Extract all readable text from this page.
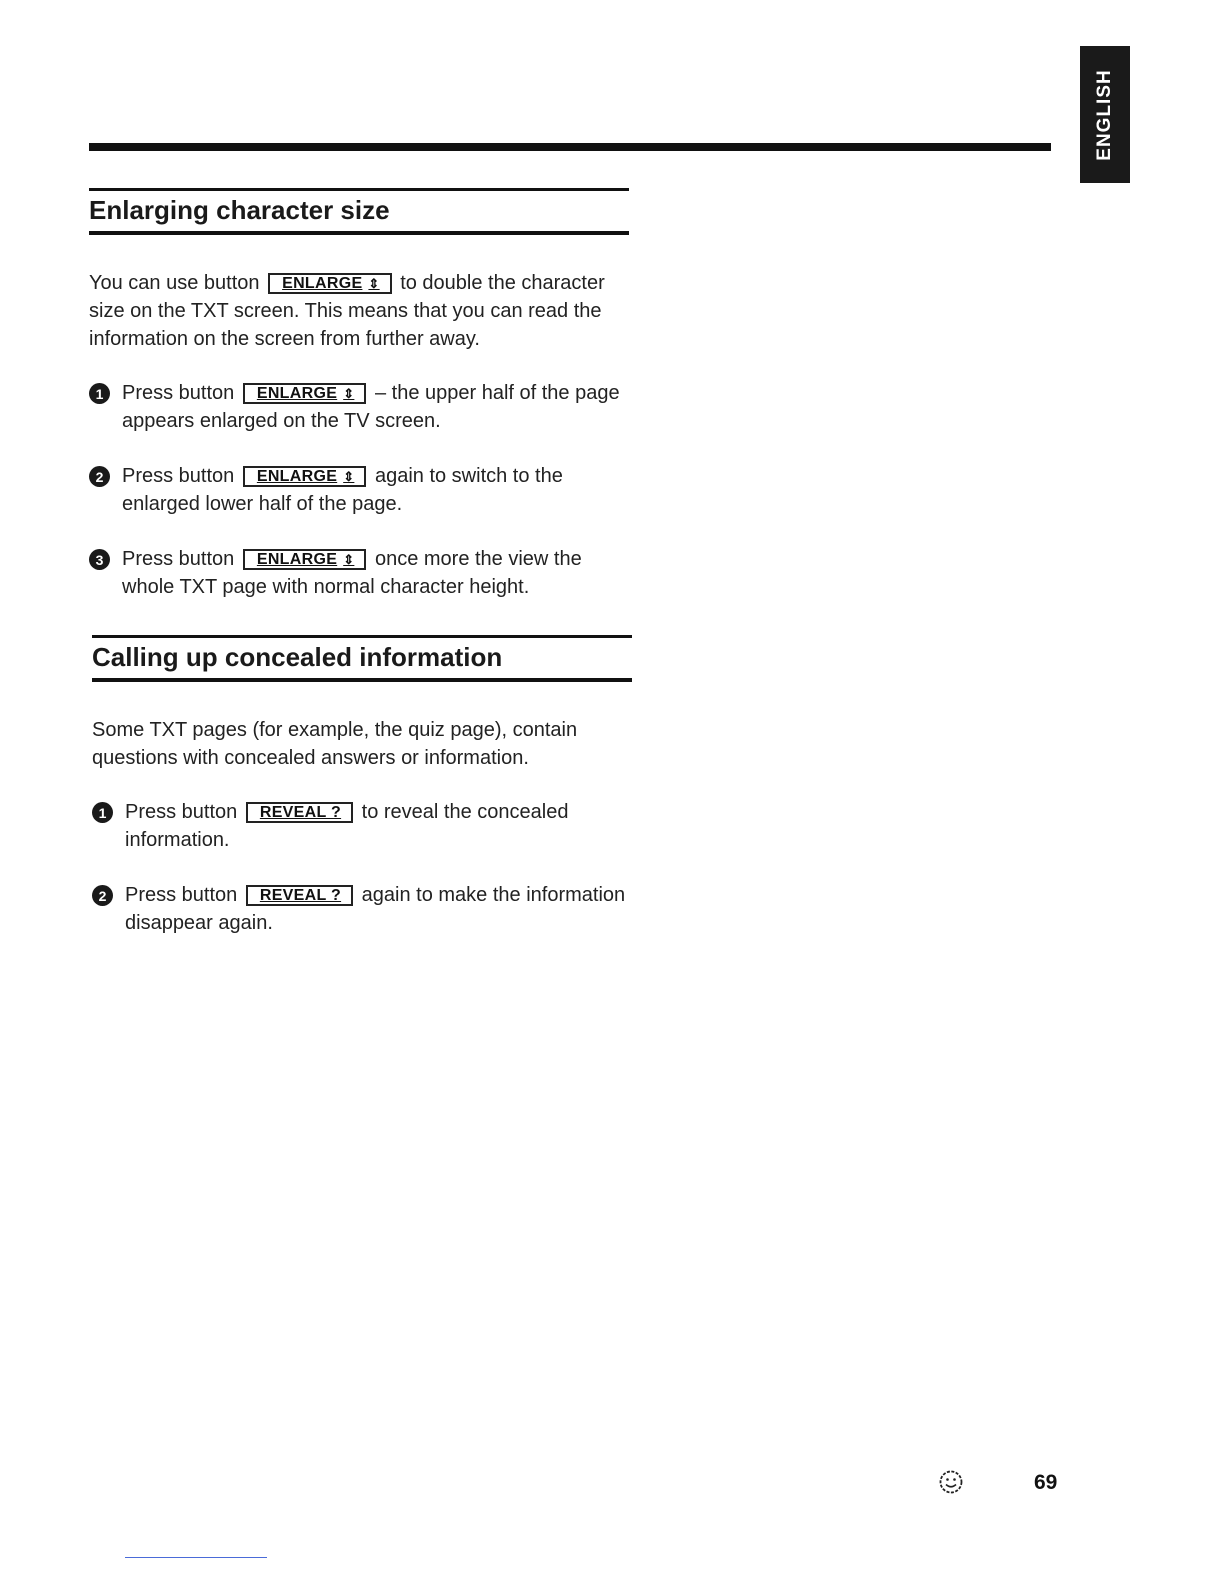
ENGLISH
Enlarging character size

You can use button ENLARGE ⇕ to double the character size on the TXT screen. This means that you can read the information on the screen from further away.

1 Press button ENLARGE ⇕ – the upper half of the page appears enlarged on the TV screen.
2 Press button ENLARGE ⇕ again to switch to the enlarged lower half of the page.
3 Press button ENLARGE ⇕ once more the view the whole TXT page with normal character height.
Calling up concealed information

Some TXT pages (for example, the quiz page), contain questions with concealed answers or information.

1 Press button REVEAL ? to reveal the concealed information.
2 Press button REVEAL ? again to make the information disappear again.
69
